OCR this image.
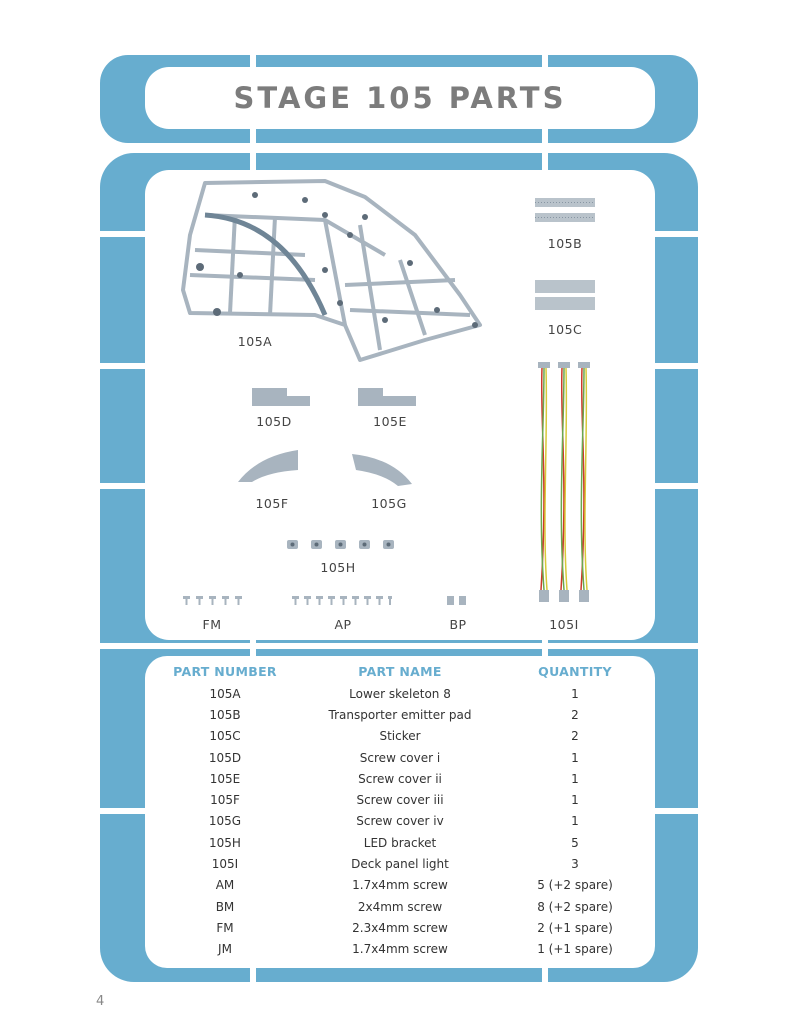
STAGE 105 PARTS
105A
105B
105C
105D	105E
105F	105G
105H
FM	AP	BP	105I
PART NUMBER	PART NAME	QUANTITY
105A	Lower skeleton 8	1
105B	Transporter emitter pad	2
105C	Sticker	2
105D	Screw cover i	1
105E	Screw cover ii	1
105F	Screw cover iii	1
105G	Screw cover iv	1
105H	LED bracket	5
105I	Deck panel light	3
AM	1.7x4mm screw	5 (+2 spare)
BM	2x4mm screw	8 (+2 spare)
FM	2.3x4mm screw	2 (+1 spare)
JM	1.7x4mm screw	1 (+1 spare)
4
